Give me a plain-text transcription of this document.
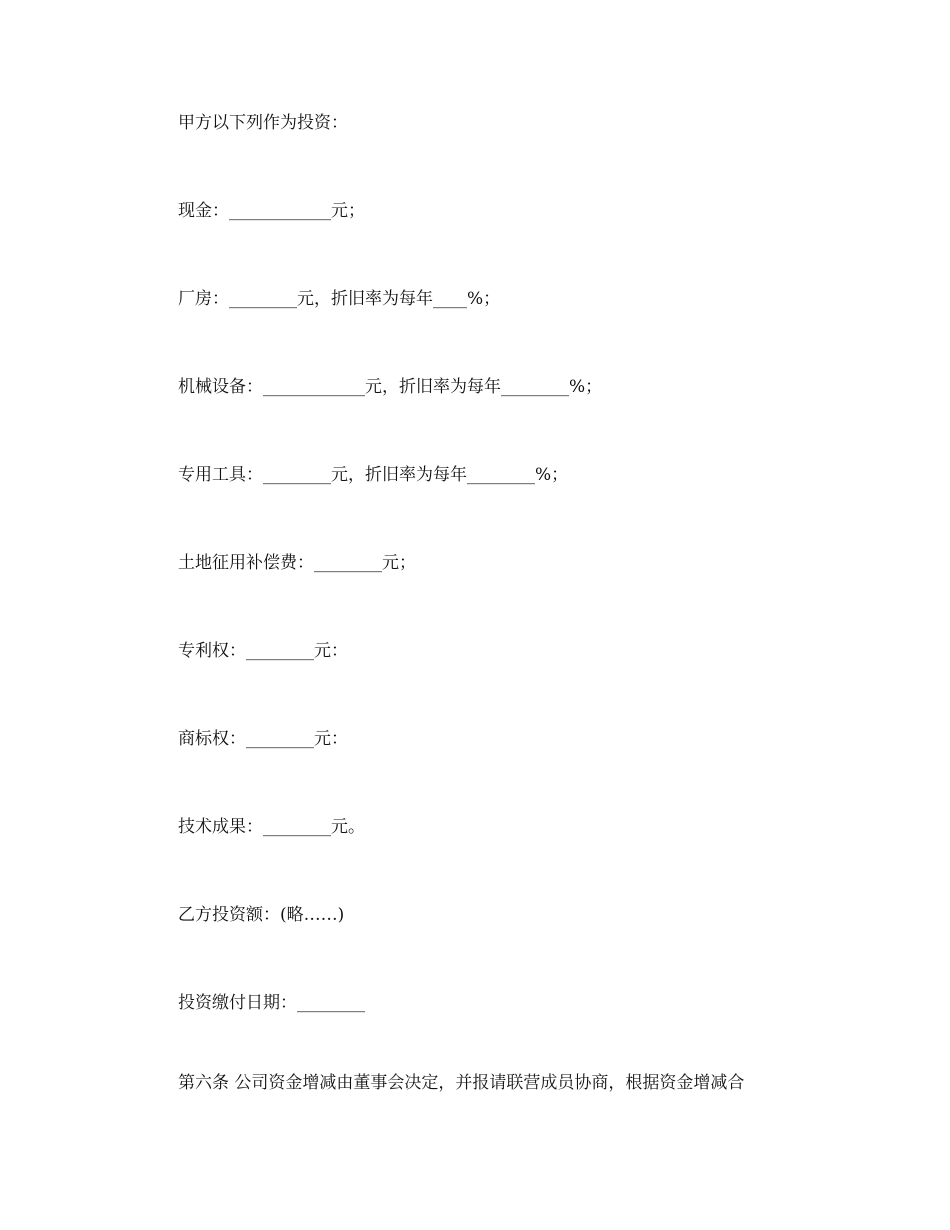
甲方以下列作为投资：

现金：____________元；

厂房：________元，折旧率为每年____%；

机械设备：____________元，折旧率为每年________%；

专用工具：________元，折旧率为每年________%；

土地征用补偿费：________元；

专利权：________元：

商标权：________元：

技术成果：________元。

乙方投资额：(略……)

投资缴付日期：________

第六条 公司资金增减由董事会决定，并报请联营成员协商，根据资金增减合
